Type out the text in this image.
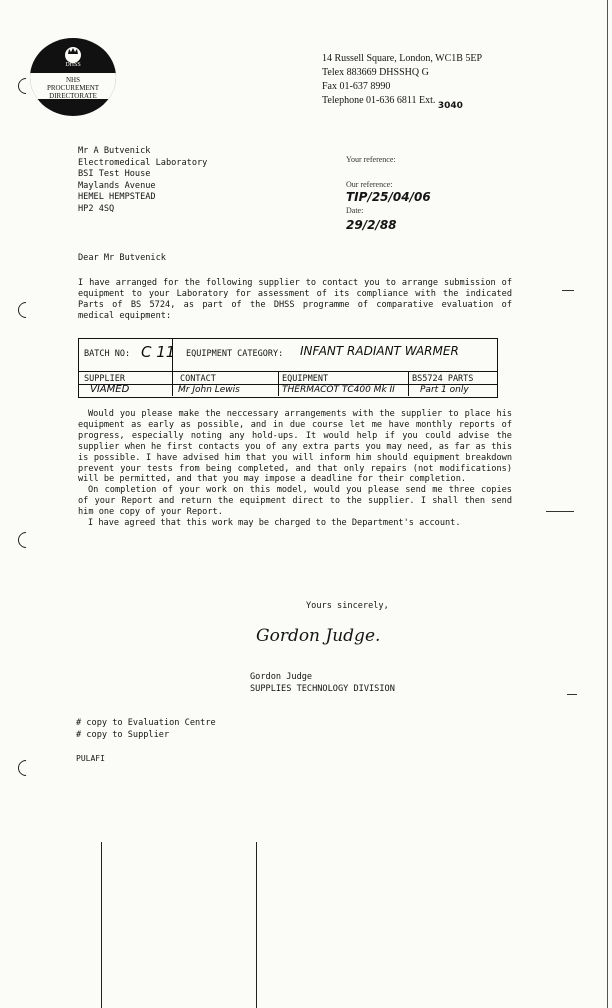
DHSS
NHS
PROCUREMENT
DIRECTORATE
14 Russell Square, London, WC1B 5EP
Telex 883669 DHSSHQ G
Fax 01-637 8990
Telephone 01-636 6811 Ext. 3040
Mr A Butvenick
Electromedical Laboratory
BSI Test House
Maylands Avenue
HEMEL HEMPSTEAD
HP2 4SQ
Your reference:
Our reference:
TIP/25/04/06
Date:
29/2/88
Dear Mr Butvenick

I have arranged for the following supplier to contact you to arrange submission of equipment to your Laboratory for assessment of its compliance with the indicated Parts of BS 5724, as part of the DHSS programme of comparative evaluation of medical equipment:

BATCH NO: C 11 EQUIPMENT CATEGORY: INFANT RADIANT WARMER
SUPPLIER	CONTACT	EQUIPMENT	BS5724 PARTS
VIAMED	Mr John Lewis	THERMACOT TC400 Mk II	Part 1 only

Would you please make the neccessary arrangements with the supplier to place his equipment as early as possible, and in due course let me have monthly reports of progress, especially noting any hold-ups. It would help if you could advise the supplier when he first contacts you of any extra parts you may need, as far as this is possible. I have advised him that you will inform him should equipment breakdown prevent your tests from being completed, and that only repairs (not modifications) will be permitted, and that you may impose a deadline for their completion.

On completion of your work on this model, would you please send me three copies of your Report and return the equipment direct to the supplier. I shall then send him one copy of your Report.

I have agreed that this work may be charged to the Department's account.

Yours sincerely,
Gordon Judge.
Gordon Judge
SUPPLIES TECHNOLOGY DIVISION
# copy to Evaluation Centre
# copy to Supplier
PULAFI
